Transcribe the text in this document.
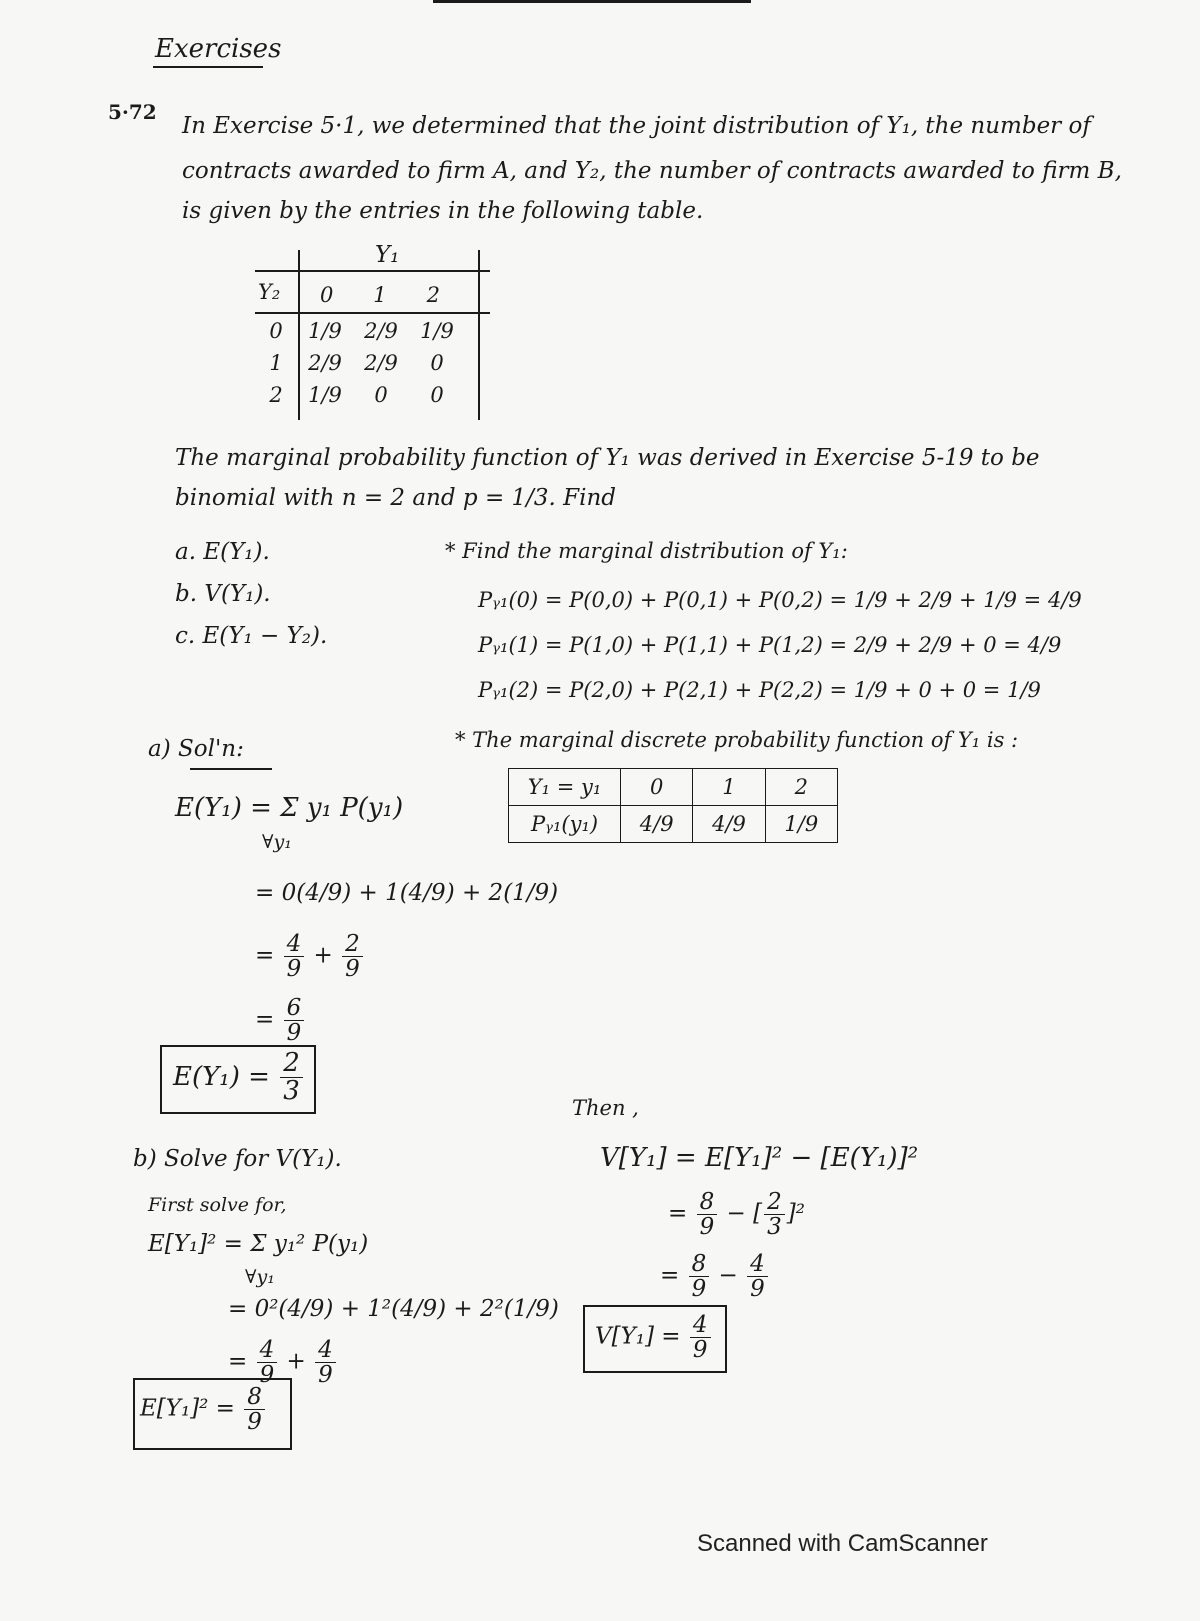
Exercises
5·72
In Exercise 5·1, we determined that the joint distribution of Y₁, the number of
contracts awarded to firm A, and Y₂, the number of contracts awarded to firm B,
is given by the entries in the following table.
Y₁
Y₂ 0	1	2
0	1/9	2/9	1/9
1	2/9	2/9	0
2	1/9	0	0
The marginal probability function of Y₁ was derived in Exercise 5-19 to be
binomial with n = 2 and p = 1/3. Find
a. E(Y₁).
b. V(Y₁).
c. E(Y₁ − Y₂).
* Find the marginal distribution of Y₁:
Pᵧ₁(0) = P(0,0) + P(0,1) + P(0,2) = 1/9 + 2/9 + 1/9 = 4/9
Pᵧ₁(1) = P(1,0) + P(1,1) + P(1,2) = 2/9 + 2/9 + 0 = 4/9
Pᵧ₁(2) = P(2,0) + P(2,1) + P(2,2) = 1/9 + 0 + 0 = 1/9
* The marginal discrete probability function of Y₁ is :
Y₁ = y₁	0	1	2
Pᵧ₁(y₁)	4/9	4/9	1/9
a) Sol'n:
E(Y₁) = Σ y₁ P(y₁)
∀y₁
= 0(4/9) + 1(4/9) + 2(1/9)
= $\frac{4}{9} + \frac{2}{9}$
= $\frac{6}{9}$
$E(Y_1) = \frac{2}{3}$
b) Solve for V(Y₁).
First solve for,
E[Y₁]² = Σ y₁² P(y₁)
∀y₁
= 0²(4/9) + 1²(4/9) + 2²(1/9)
= $\frac{4}{9} + \frac{4}{9}$
$E[Y_1]^2 = \frac{8}{9}$
Then ,
V[Y₁] = E[Y₁]² − [E(Y₁)]²
= $\frac{8}{9}$ − [ $\frac{2}{3} ]^2$
= $\frac{8}{9} - \frac{4}{9}$
$V[Y_1] = \frac{4}{9}$
Scanned with CamScanner
